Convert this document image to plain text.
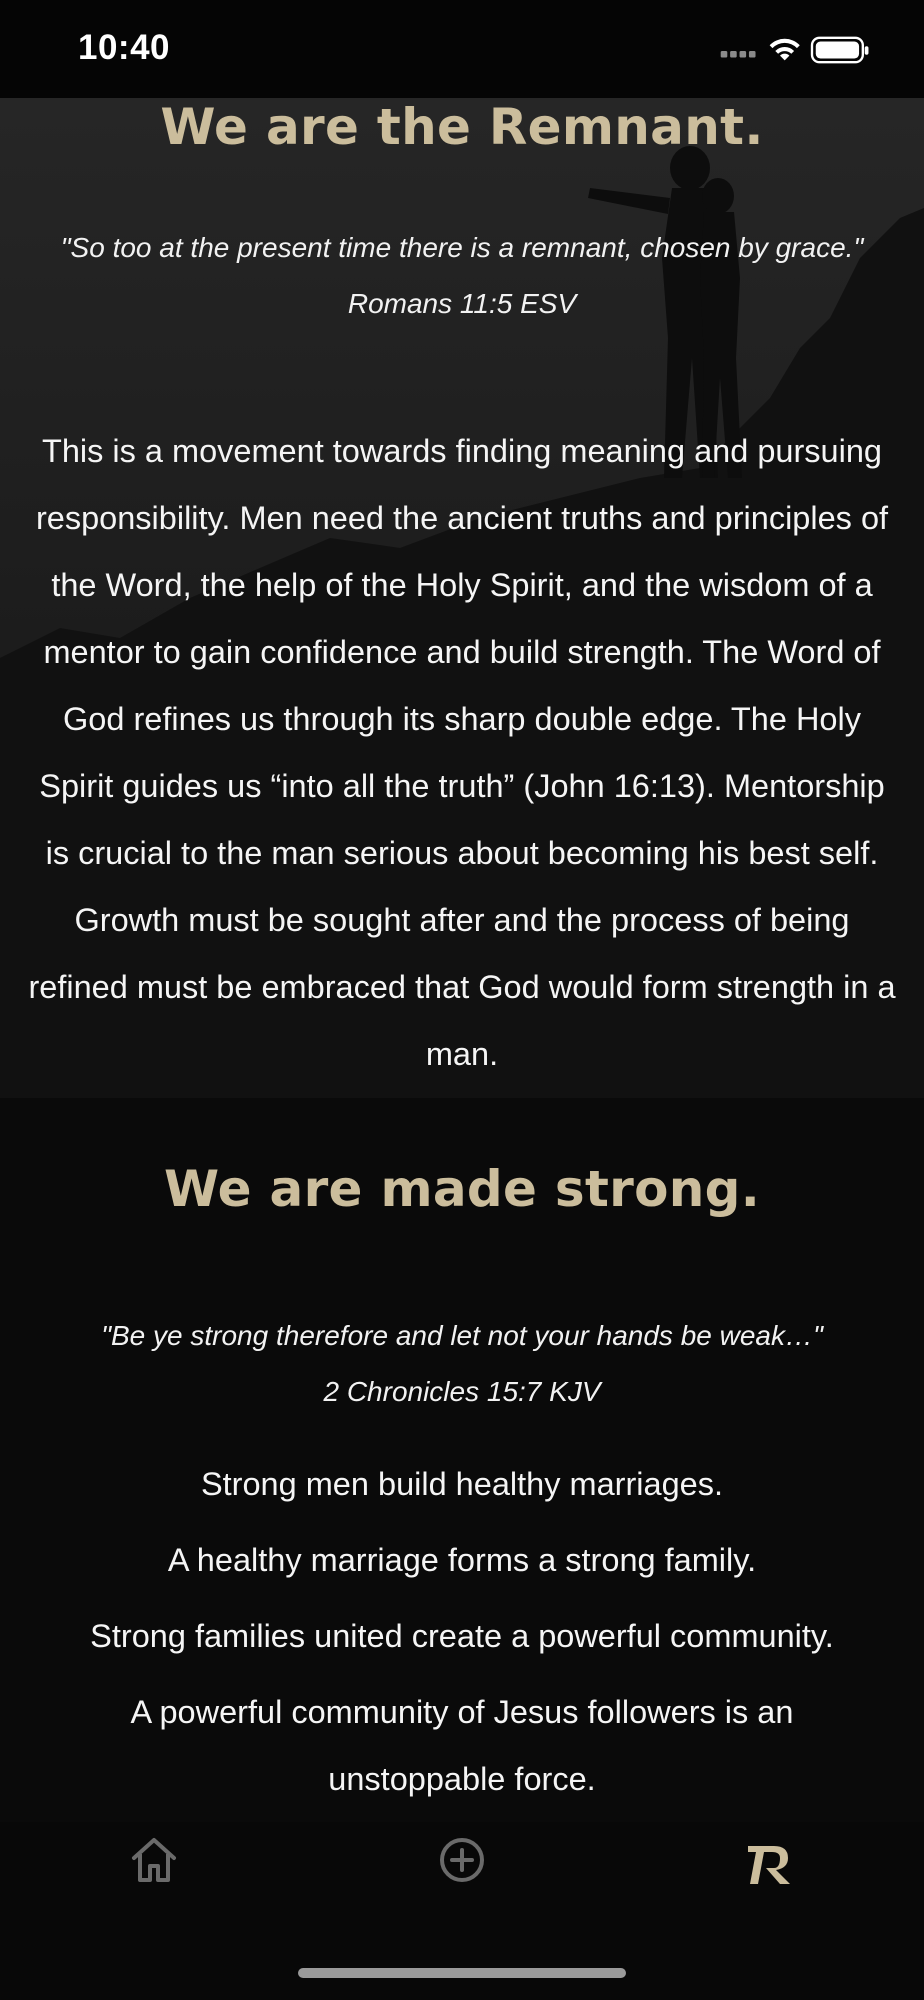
10:40
We are the Remnant.
"So too at the present time there is a remnant, chosen by grace."
Romans 11:5 ESV
This is a movement towards finding meaning and pursuing responsibility. Men need the ancient truths and principles of the Word, the help of the Holy Spirit, and the wisdom of a mentor to gain confidence and build strength. The Word of God refines us through its sharp double edge. The Holy Spirit guides us “into all the truth” (John 16:13). Mentorship is crucial to the man serious about becoming his best self. Growth must be sought after and the process of being refined must be embraced that God would form strength in a man.
We are made strong.
"Be ye strong therefore and let not your hands be weak…"
2 Chronicles 15:7 KJV
Strong men build healthy marriages.
A healthy marriage forms a strong family.
Strong families united create a powerful community.
A powerful community of Jesus followers is an
unstoppable force.
